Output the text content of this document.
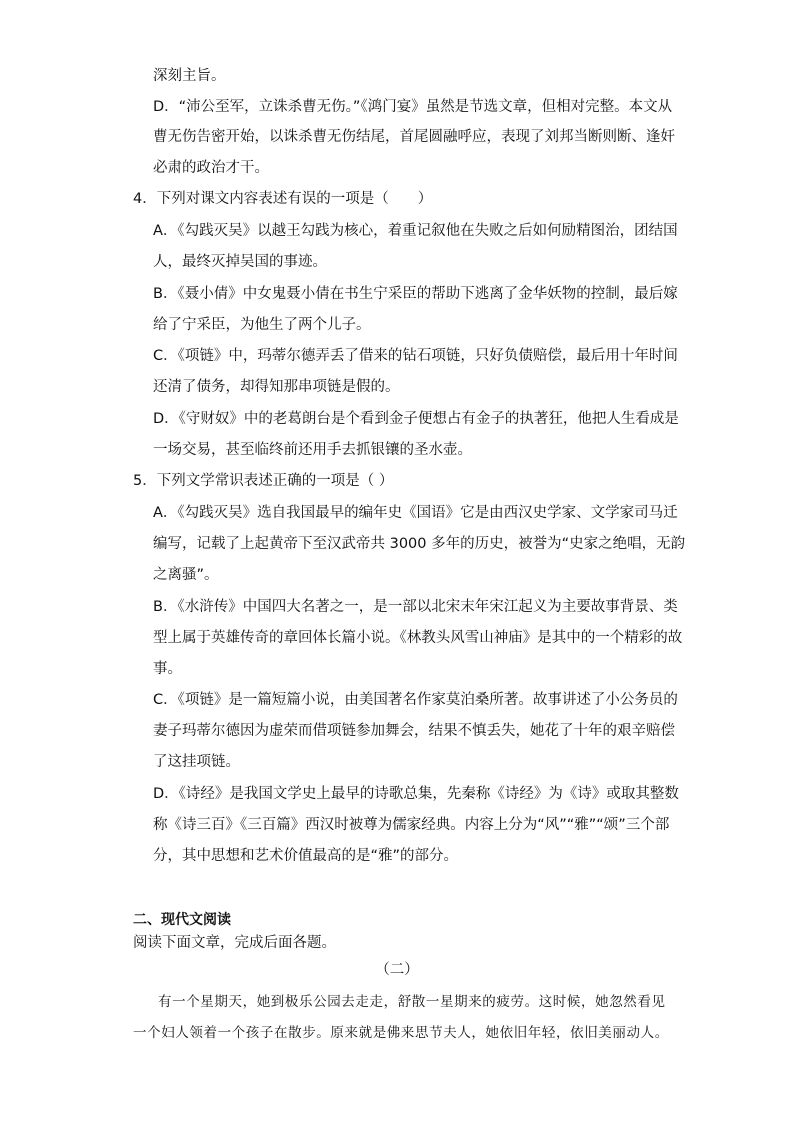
深刻主旨。
D．“沛公至军，立诛杀曹无伤。”《鸿门宴》虽然是节选文章，但相对完整。本文从
曹无伤告密开始，以诛杀曹无伤结尾，首尾圆融呼应，表现了刘邦当断则断、逢奸
必肃的政治才干。
4．下列对课文内容表述有误的一项是（　　）
A．《勾践灭吴》以越王勾践为核心，着重记叙他在失败之后如何励精图治，团结国
人，最终灭掉吴国的事迹。
B．《聂小倩》中女鬼聂小倩在书生宁采臣的帮助下逃离了金华妖物的控制，最后嫁
给了宁采臣，为他生了两个儿子。
C．《项链》中，玛蒂尔德弄丢了借来的钻石项链，只好负债赔偿，最后用十年时间
还清了债务，却得知那串项链是假的。
D．《守财奴》中的老葛朗台是个看到金子便想占有金子的执著狂，他把人生看成是
一场交易，甚至临终前还用手去抓银镶的圣水壶。
5．下列文学常识表述正确的一项是（ ）
A．《勾践灭吴》选自我国最早的编年史《国语》它是由西汉史学家、文学家司马迁
编写，记载了上起黄帝下至汉武帝共 3000 多年的历史，被誉为“史家之绝唱，无韵
之离骚”。
B．《水浒传》中国四大名著之一，是一部以北宋末年宋江起义为主要故事背景、类
型上属于英雄传奇的章回体长篇小说。《林教头风雪山神庙》是其中的一个精彩的故
事。
C．《项链》是一篇短篇小说，由美国著名作家莫泊桑所著。故事讲述了小公务员的
妻子玛蒂尔德因为虚荣而借项链参加舞会，结果不慎丢失，她花了十年的艰辛赔偿
了这挂项链。
D．《诗经》是我国文学史上最早的诗歌总集，先秦称《诗经》为《诗》或取其整数
称《诗三百》《三百篇》西汉时被尊为儒家经典。内容上分为“风”“雅”“颂”三个部
分，其中思想和艺术价值最高的是“雅”的部分。
二、现代文阅读
阅读下面文章，完成后面各题。
（二）
有一个星期天，她到极乐公园去走走，舒散一星期来的疲劳。这时候，她忽然看见
一个妇人领着一个孩子在散步。原来就是佛来思节夫人，她依旧年轻，依旧美丽动人。
